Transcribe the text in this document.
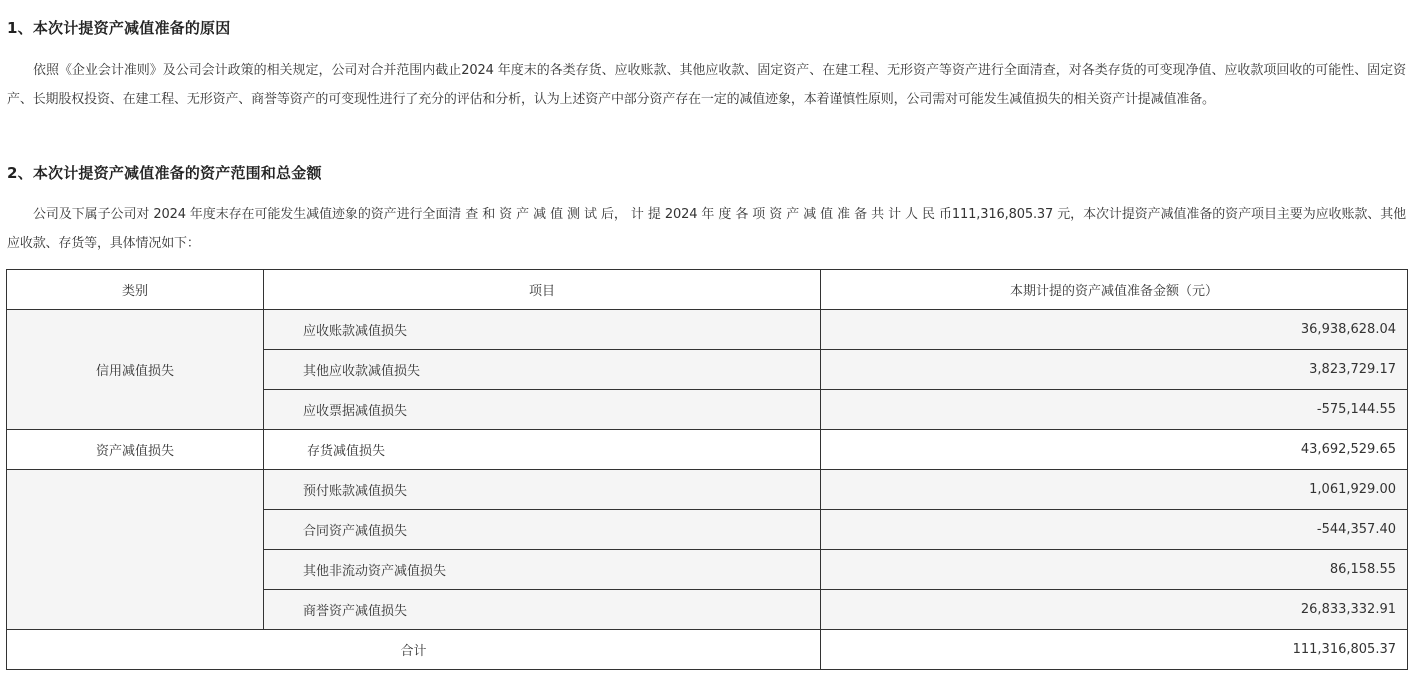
1、本次计提资产减值准备的原因

依照《企业会计准则》及公司会计政策的相关规定，公司对合并范围内截止2024 年度末的各类存货、应收账款、其他应收款、固定资产、在建工程、无形资产等资产进行全面清查，对各类存货的可变现净值、应收款项回收的可能性、固定资产、长期股权投资、在建工程、无形资产、商誉等资产的可变现性进行了充分的评估和分析，认为上述资产中部分资产存在一定的减值迹象，本着谨慎性原则，公司需对可能发生减值损失的相关资产计提减值准备。

2、本次计提资产减值准备的资产范围和总金额

公司及下属子公司对 2024 年度末存在可能发生减值迹象的资产进行全面清 查 和 资 产 减 值 测 试 后， 计 提 2024 年 度 各 项 资 产 减 值 准 备 共 计 人 民 币111,316,805.37 元，本次计提资产减值准备的资产项目主要为应收账款、其他应收款、存货等，具体情况如下：

类别	项目	本期计提的资产减值准备金额（元）
信用减值损失	应收账款减值损失	36,938,628.04
	其他应收款减值损失	3,823,729.17
	应收票据减值损失	-575,144.55
资产减值损失	存货减值损失	43,692,529.65
	预付账款减值损失	1,061,929.00
	合同资产减值损失	-544,357.40
	其他非流动资产减值损失	86,158.55
	商誉资产减值损失	26,833,332.91
合计		111,316,805.37
